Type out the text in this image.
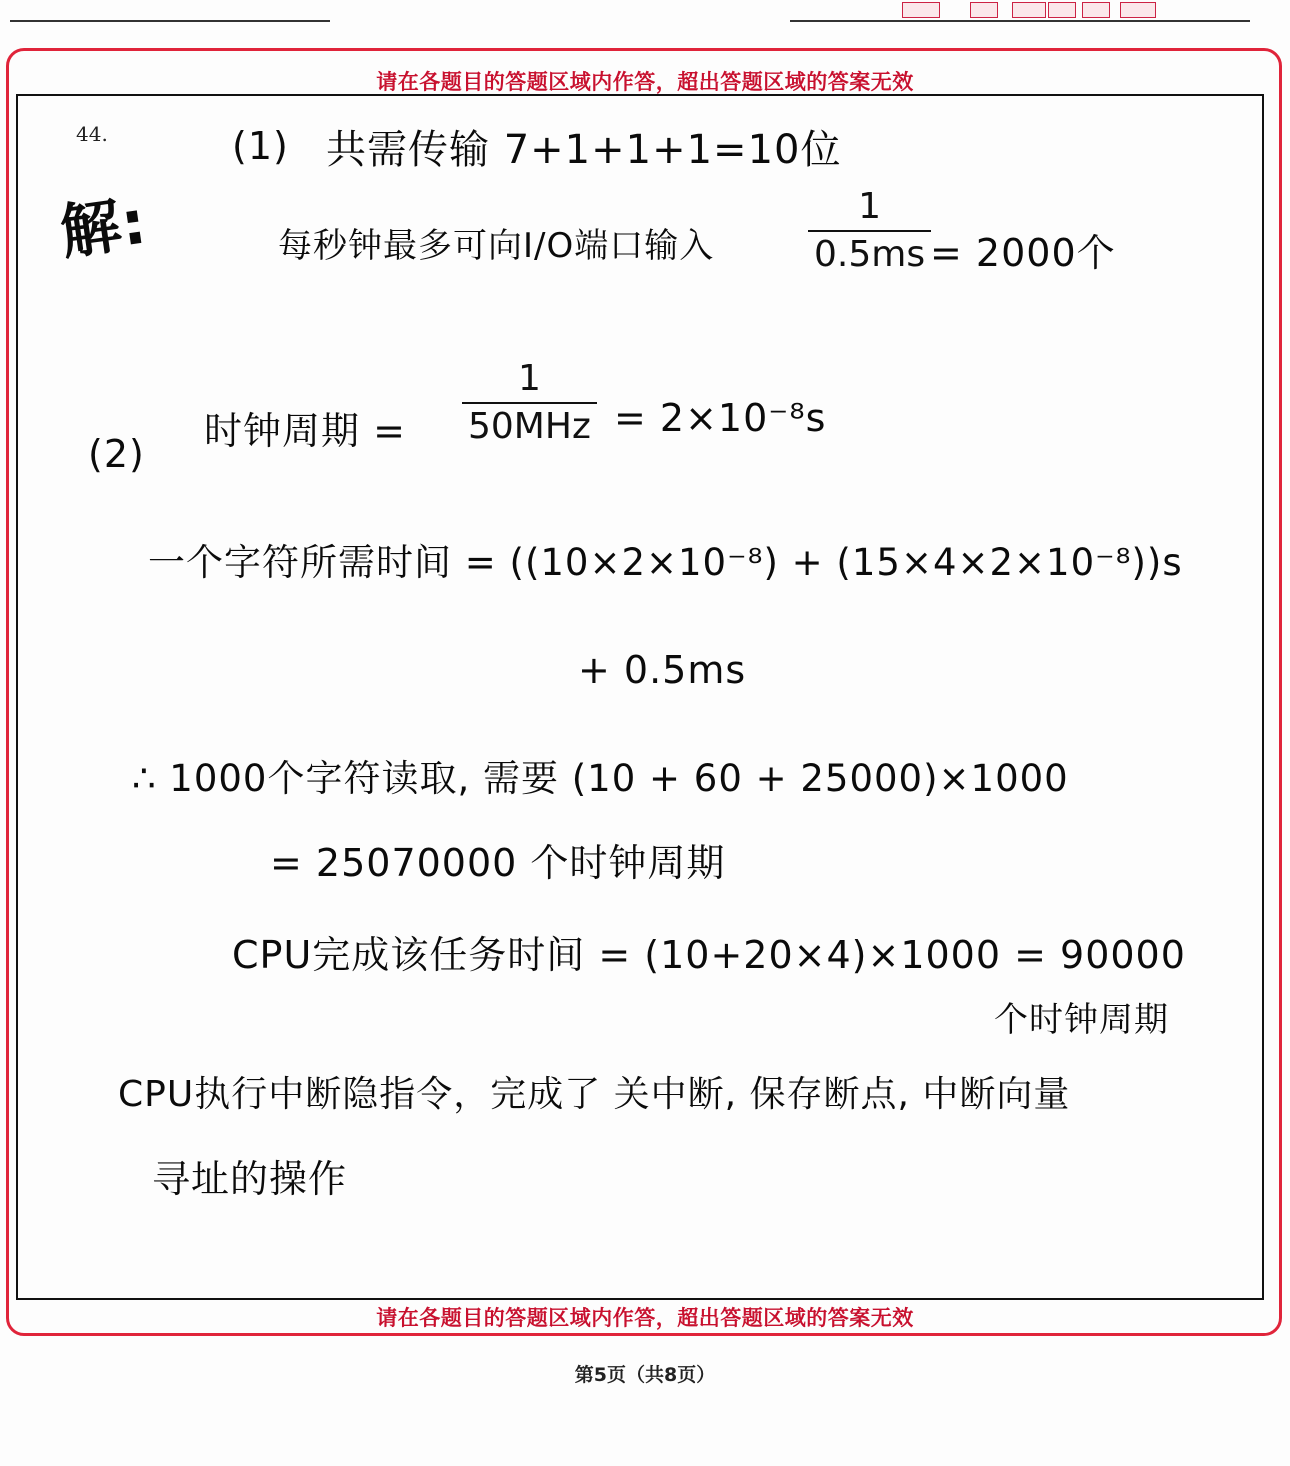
请在各题目的答题区域内作答，超出答题区域的答案无效
请在各题目的答题区域内作答，超出答题区域的答案无效
44.
解:
(1) 共需传输 7+1+1+1=10位
每秒钟最多可向I/O端口输入
1
0.5ms = 2000个
(2)
时钟周期 =
1
50MHz = 2×10⁻⁸s
一个字符所需时间 = ((10×2×10⁻⁸) + (15×4×2×10⁻⁸))s
+ 0.5ms
∴ 1000个字符读取, 需要 (10 + 60 + 25000)×1000
= 25070000 个时钟周期
CPU完成该任务时间 = (10+20×4)×1000 = 90000
个时钟周期
CPU执行中断隐指令，完成了 关中断, 保存断点, 中断向量
寻址的操作
第5页（共8页）
